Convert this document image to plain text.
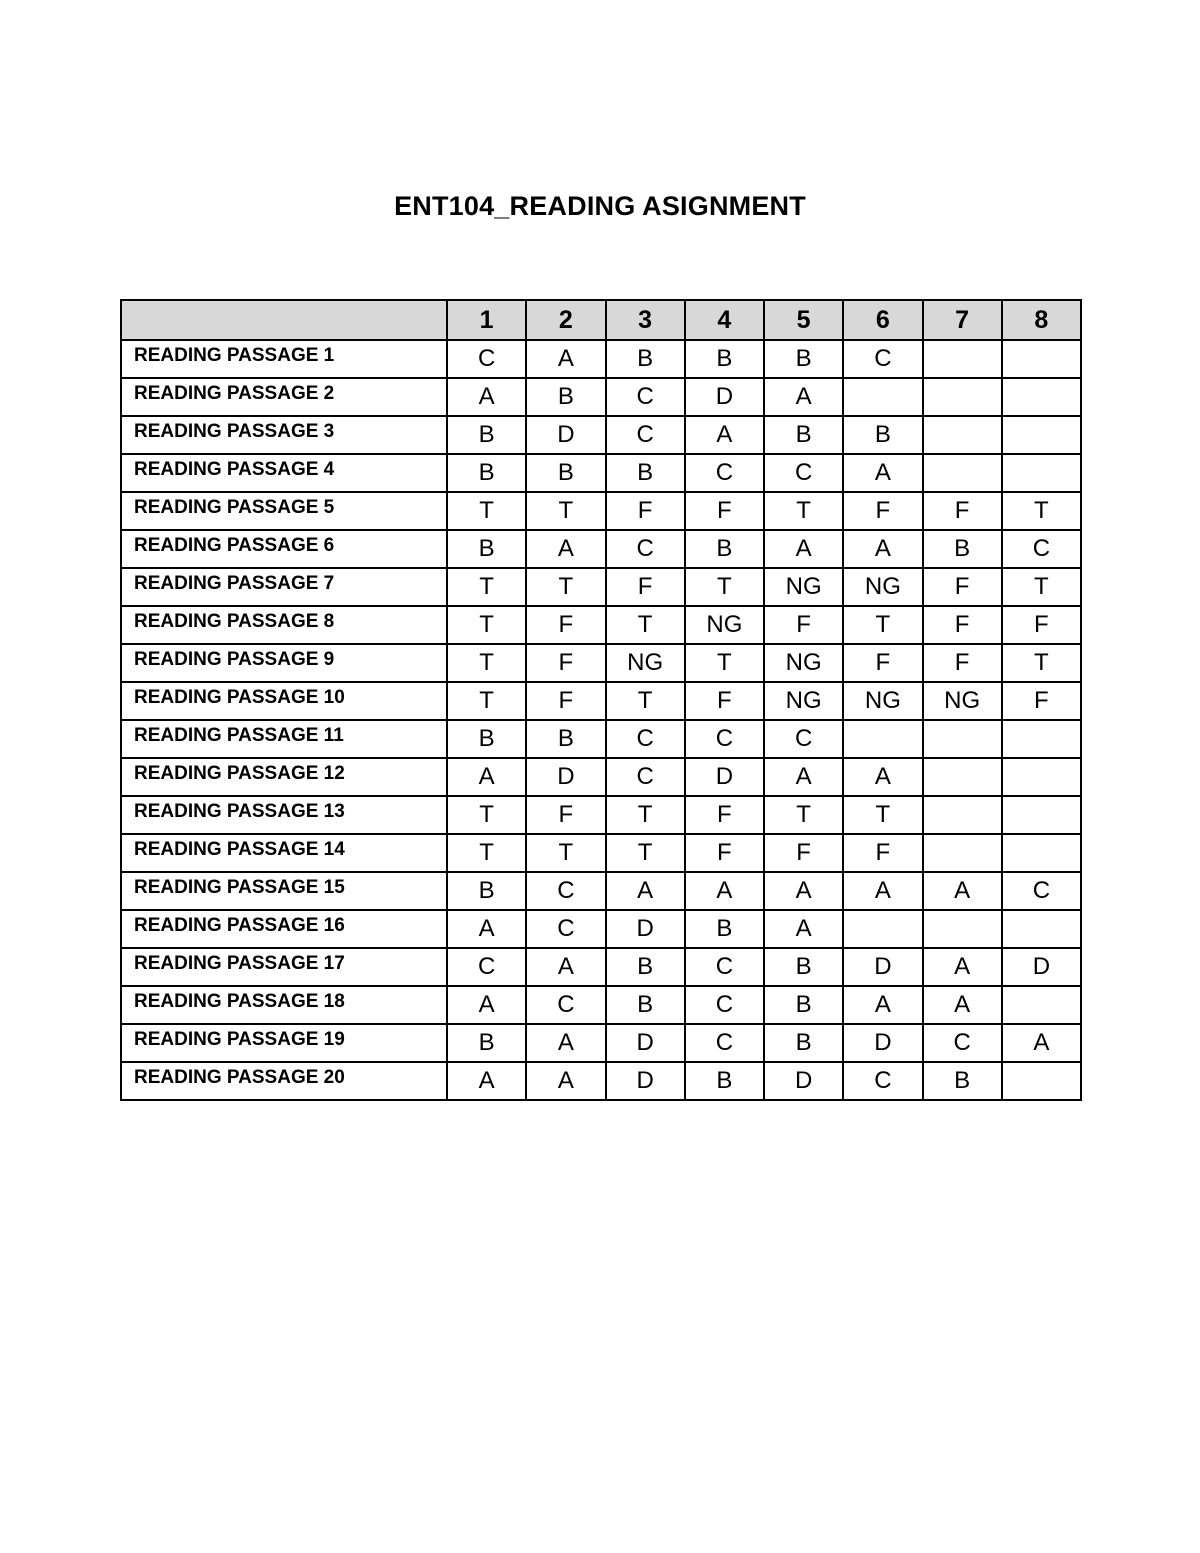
ENT104_READING ASIGNMENT
	1	2	3	4	5	6	7	8
READING PASSAGE 1	C	A	B	B	B	C		
READING PASSAGE 2	A	B	C	D	A			
READING PASSAGE 3	B	D	C	A	B	B		
READING PASSAGE 4	B	B	B	C	C	A		
READING PASSAGE 5	T	T	F	F	T	F	F	T
READING PASSAGE 6	B	A	C	B	A	A	B	C
READING PASSAGE 7	T	T	F	T	NG	NG	F	T
READING PASSAGE 8	T	F	T	NG	F	T	F	F
READING PASSAGE 9	T	F	NG	T	NG	F	F	T
READING PASSAGE 10	T	F	T	F	NG	NG	NG	F
READING PASSAGE 11	B	B	C	C	C			
READING PASSAGE 12	A	D	C	D	A	A		
READING PASSAGE 13	T	F	T	F	T	T		
READING PASSAGE 14	T	T	T	F	F	F		
READING PASSAGE 15	B	C	A	A	A	A	A	C
READING PASSAGE 16	A	C	D	B	A			
READING PASSAGE 17	C	A	B	C	B	D	A	D
READING PASSAGE 18	A	C	B	C	B	A	A	
READING PASSAGE 19	B	A	D	C	B	D	C	A
READING PASSAGE 20	A	A	D	B	D	C	B	
